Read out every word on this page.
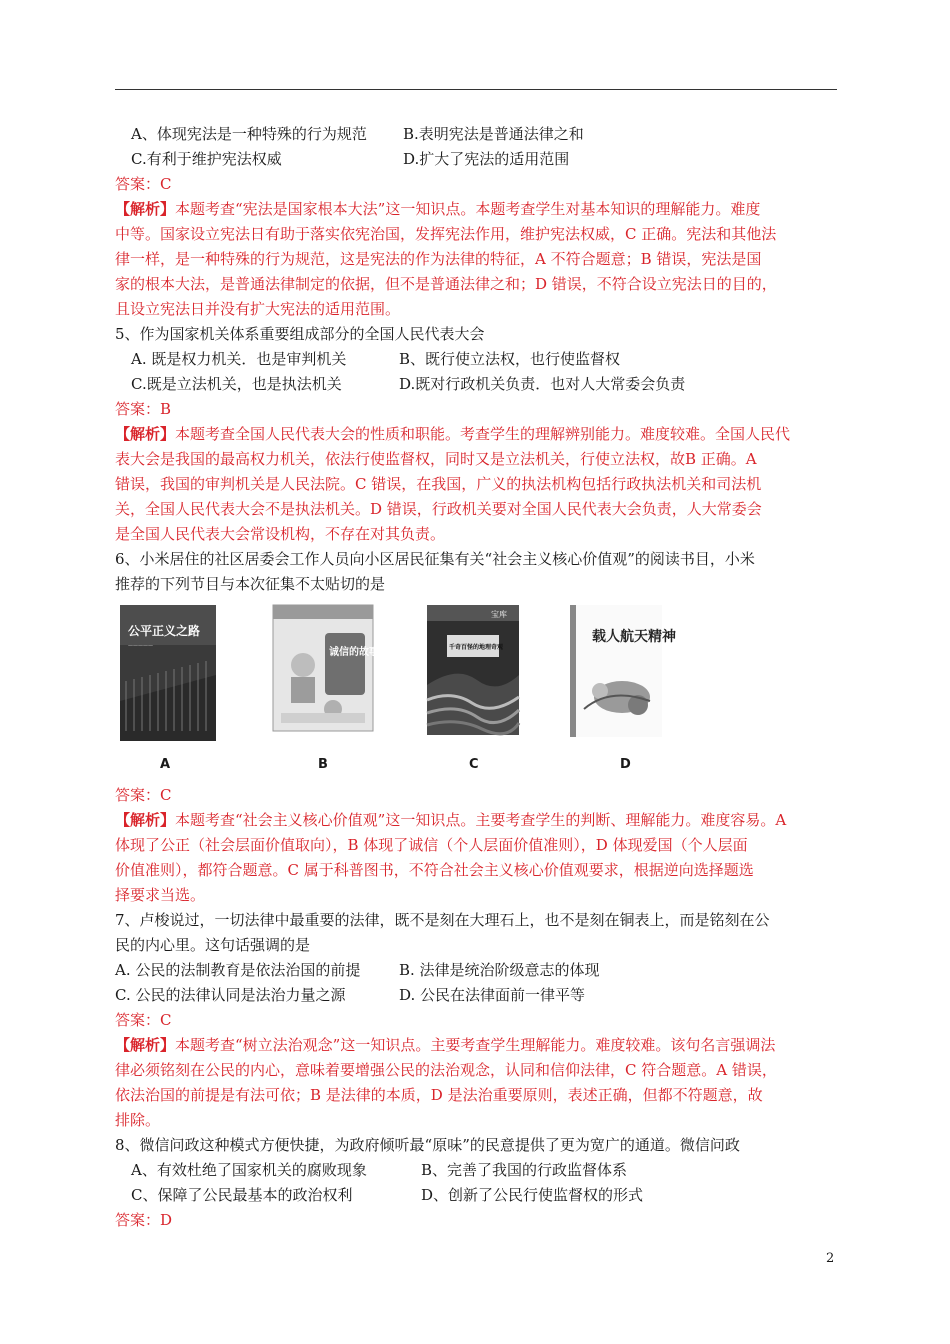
A、体现宪法是一种特殊的行为规范 B.表明宪法是普通法律之和
C.有利于维护宪法权威	D.扩大了宪法的适用范围
答案：C
【解析】本题考查“宪法是国家根本大法”这一知识点。本题考查学生对基本知识的理解能力。难度
中等。国家设立宪法日有助于落实依宪治国，发挥宪法作用，维护宪法权威，C 正确。宪法和其他法
律一样，是一种特殊的行为规范，这是宪法的作为法律的特征，A 不符合题意；B 错误，宪法是国
家的根本大法，是普通法律制定的依据，但不是普通法律之和；D 错误，不符合设立宪法日的目的，
且设立宪法日并没有扩大宪法的适用范围。
5、作为国家机关体系重要组成部分的全国人民代表大会
A. 既是权力机关．也是审判机关	B、既行使立法权，也行使监督权
C.既是立法机关，也是执法机关	D.既对行政机关负责．也对人大常委会负责
答案：B
【解析】本题考查全国人民代表大会的性质和职能。考查学生的理解辨别能力。难度较难。全国人民代
表大会是我国的最高权力机关，依法行使监督权，同时又是立法机关，行使立法权，故B 正确。A
错误，我国的审判机关是人民法院。C 错误，在我国，广义的执法机构包括行政执法机关和司法机
关，全国人民代表大会不是执法机关。D 错误，行政机关要对全国人民代表大会负责，人大常委会
是全国人民代表大会常设机构，不存在对其负责。
6、小米居住的社区居委会工作人员向小区居民征集有关“社会主义核心价值观”的阅读书目，小米
推荐的下列节目与本次征集不太贴切的是
公平正义之路
—————
A
诚信的故事
B
宝库
千奇百怪的地理奇观
C
载人航天精神
D
答案：C
【解析】本题考查“社会主义核心价值观”这一知识点。主要考查学生的判断、理解能力。难度容易。A
体现了公正（社会层面价值取向），B 体现了诚信（个人层面价值准则），D 体现爱国（个人层面
价值准则），都符合题意。C 属于科普图书，不符合社会主义核心价值观要求，根据逆向选择题选
择要求当选。
7、卢梭说过，一切法律中最重要的法律，既不是刻在大理石上，也不是刻在铜表上，而是铭刻在公
民的内心里。这句话强调的是
A. 公民的法制教育是依法治国的前提	B. 法律是统治阶级意志的体现
C. 公民的法律认同是法治力量之源	D. 公民在法律面前一律平等
答案：C
【解析】本题考查“树立法治观念”这一知识点。主要考查学生理解能力。难度较难。该句名言强调法
律必须铭刻在公民的内心，意味着要增强公民的法治观念，认同和信仰法律，C 符合题意。A 错误，
依法治国的前提是有法可依；B 是法律的本质，D 是法治重要原则，表述正确，但都不符题意，故
排除。
8、微信问政这种模式方便快捷，为政府倾听最“原味”的民意提供了更为宽广的通道。微信问政
A、有效杜绝了国家机关的腐败现象	B、完善了我国的行政监督体系
C、保障了公民最基本的政治权利	D、创新了公民行使监督权的形式
答案：D
2
